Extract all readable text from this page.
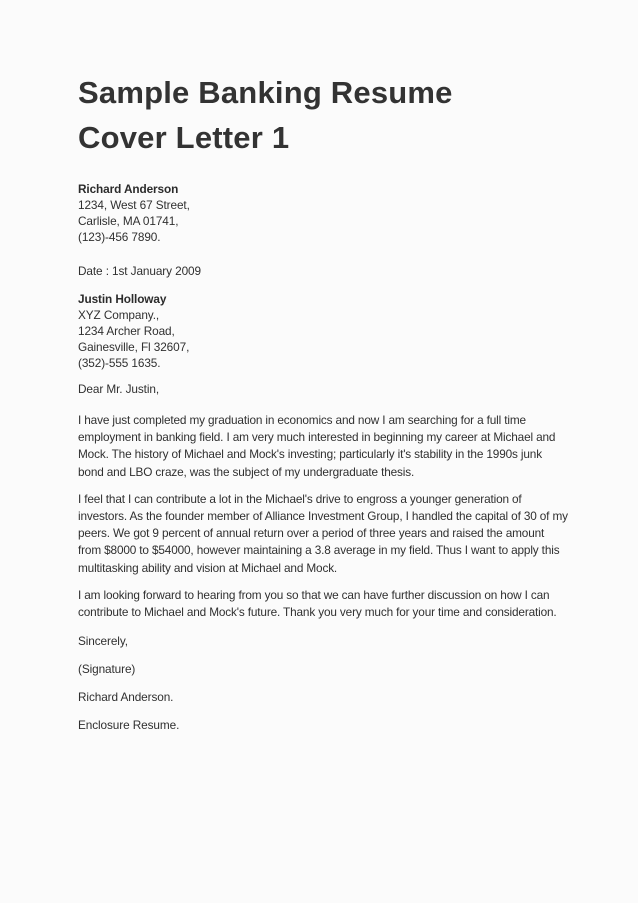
Sample Banking Resume
Cover Letter 1
Richard Anderson
1234, West 67 Street,
Carlisle, MA 01741,
(123)-456 7890.
Date : 1st January 2009
Justin Holloway
XYZ Company.,
1234 Archer Road,
Gainesville, Fl 32607,
(352)-555 1635.
Dear Mr. Justin,

I have just completed my graduation in economics and now I am searching for a full time employment in banking field. I am very much interested in beginning my career at Michael and Mock. The history of Michael and Mock's investing; particularly it's stability in the 1990s junk bond and LBO craze, was the subject of my undergraduate thesis.

I feel that I can contribute a lot in the Michael's drive to engross a younger generation of investors. As the founder member of Alliance Investment Group, I handled the capital of 30 of my peers. We got 9 percent of annual return over a period of three years and raised the amount from $8000 to $54000, however maintaining a 3.8 average in my field. Thus I want to apply this multitasking ability and vision at Michael and Mock.

I am looking forward to hearing from you so that we can have further discussion on how I can contribute to Michael and Mock's future. Thank you very much for your time and consideration.

Sincerely,
(Signature)
Richard Anderson.
Enclosure Resume.
